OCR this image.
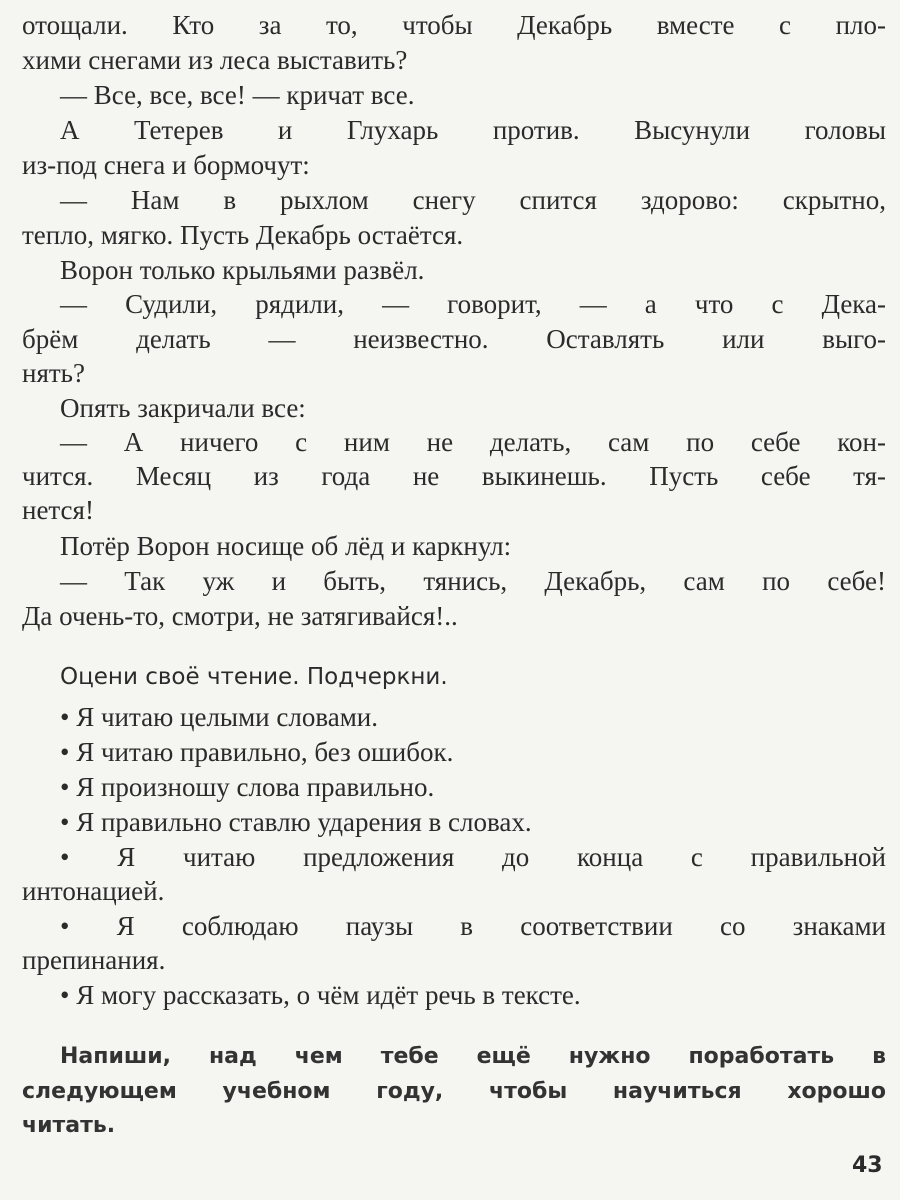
отощали. Кто за то, чтобы Декабрь вместе с пло-
хими снегами из леса выставить?
— Все, все, все! — кричат все.
А Тетерев и Глухарь против. Высунули головы
из-под снега и бормочут:
— Нам в рыхлом снегу спится здорово: скрытно,
тепло, мягко. Пусть Декабрь остаётся.
Ворон только крыльями развёл.
— Судили, рядили, — говорит, — а что с Дека-
брём делать — неизвестно. Оставлять или выго-
нять?
Опять закричали все:
— А ничего с ним не делать, сам по себе кон-
чится. Месяц из года не выкинешь. Пусть себе тя-
нется!
Потёр Ворон носище об лёд и каркнул:
— Так уж и быть, тянись, Декабрь, сам по себе!
Да очень-то, смотри, не затягивайся!..
Оцени своё чтение. Подчеркни.
• Я читаю целыми словами.
• Я читаю правильно, без ошибок.
• Я произношу слова правильно.
• Я правильно ставлю ударения в словах.
• Я читаю предложения до конца с правильной
интонацией.
• Я соблюдаю паузы в соответствии со знаками
препинания.
• Я могу рассказать, о чём идёт речь в тексте.
Напиши, над чем тебе ещё нужно поработать в
следующем учебном году, чтобы научиться хорошо
читать.
43
